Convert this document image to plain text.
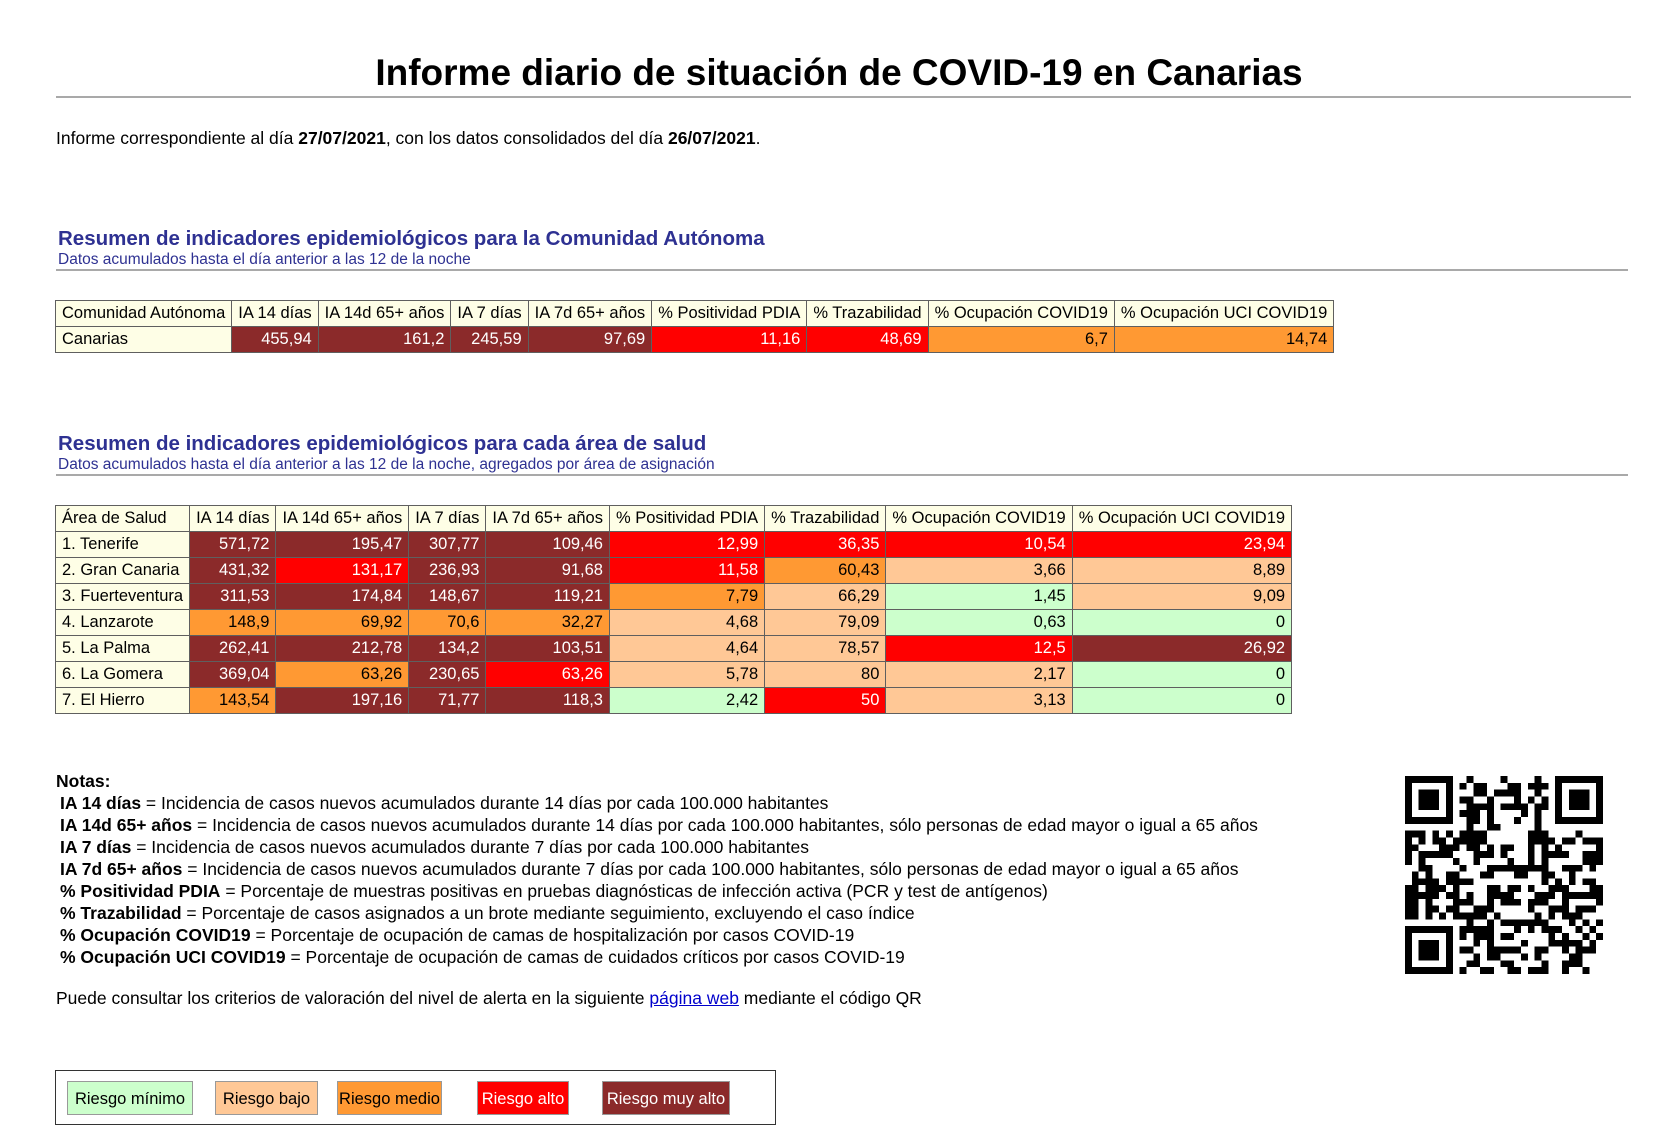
Informe diario de situación de COVID-19 en Canarias
Informe correspondiente al día 27/07/2021, con los datos consolidados del día 26/07/2021.
Resumen de indicadores epidemiológicos para la Comunidad Autónoma
Datos acumulados hasta el día anterior a las 12 de la noche
Comunidad Autónoma	IA 14 días	IA 14d 65+ años	IA 7 días	IA 7d 65+ años	% Positividad PDIA	% Trazabilidad	% Ocupación COVID19	% Ocupación UCI COVID19
Canarias	455,94	161,2	245,59	97,69	11,16	48,69	6,7	14,74
Resumen de indicadores epidemiológicos para cada área de salud
Datos acumulados hasta el día anterior a las 12 de la noche, agregados por área de asignación
Área de Salud	IA 14 días	IA 14d 65+ años	IA 7 días	IA 7d 65+ años	% Positividad PDIA	% Trazabilidad	% Ocupación COVID19	% Ocupación UCI COVID19
1. Tenerife	571,72	195,47	307,77	109,46	12,99	36,35	10,54	23,94
2. Gran Canaria	431,32	131,17	236,93	91,68	11,58	60,43	3,66	8,89
3. Fuerteventura	311,53	174,84	148,67	119,21	7,79	66,29	1,45	9,09
4. Lanzarote	148,9	69,92	70,6	32,27	4,68	79,09	0,63	0
5. La Palma	262,41	212,78	134,2	103,51	4,64	78,57	12,5	26,92
6. La Gomera	369,04	63,26	230,65	63,26	5,78	80	2,17	0
7. El Hierro	143,54	197,16	71,77	118,3	2,42	50	3,13	0
Notas:
IA 14 días = Incidencia de casos nuevos acumulados durante 14 días por cada 100.000 habitantes
IA 14d 65+ años = Incidencia de casos nuevos acumulados durante 14 días por cada 100.000 habitantes, sólo personas de edad mayor o igual a 65 años
IA 7 días = Incidencia de casos nuevos acumulados durante 7 días por cada 100.000 habitantes
IA 7d 65+ años = Incidencia de casos nuevos acumulados durante 7 días por cada 100.000 habitantes, sólo personas de edad mayor o igual a 65 años
% Positividad PDIA = Porcentaje de muestras positivas en pruebas diagnósticas de infección activa (PCR y test de antígenos)
% Trazabilidad = Porcentaje de casos asignados a un brote mediante seguimiento, excluyendo el caso índice
% Ocupación COVID19 = Porcentaje de ocupación de camas de hospitalización por casos COVID-19
% Ocupación UCI COVID19 = Porcentaje de ocupación de camas de cuidados críticos por casos COVID-19
Puede consultar los criterios de valoración del nivel de alerta en la siguiente página web mediante el código QR
Riesgo mínimo	Riesgo bajo	Riesgo medio	Riesgo alto	Riesgo muy alto
